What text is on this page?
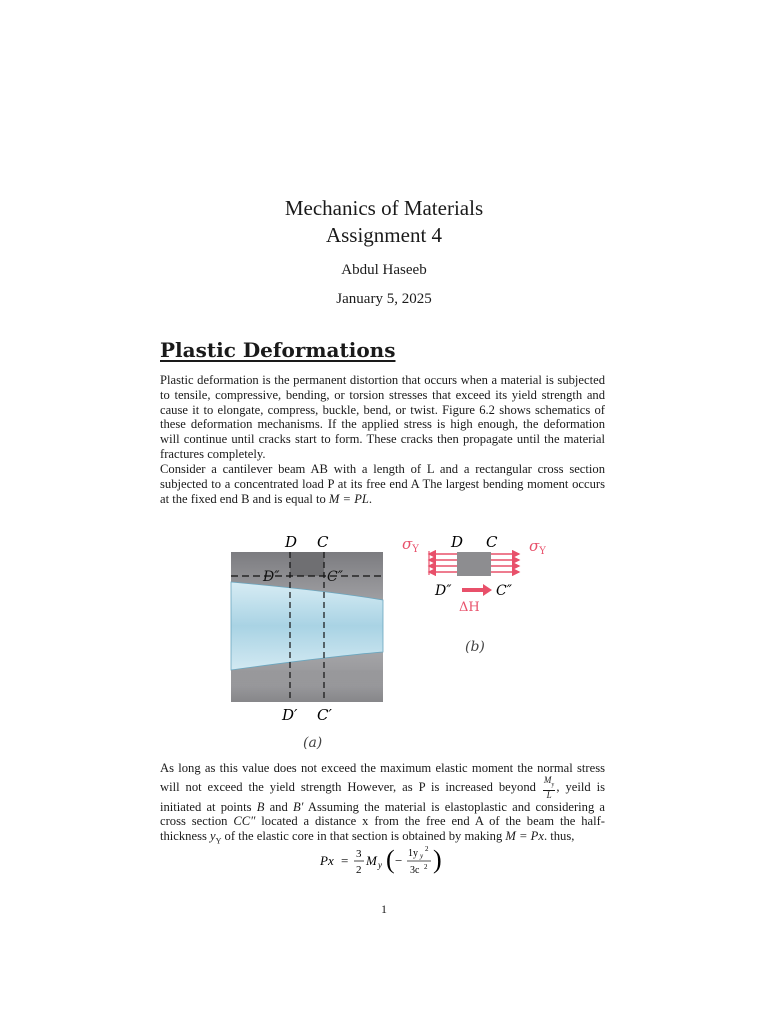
Mechanics of Materials
Assignment 4
Abdul Haseeb
January 5, 2025
Plastic Deformations
Plastic deformation is the permanent distortion that occurs when a material is subjected to tensile, compressive, bending, or torsion stresses that exceed its yield strength and cause it to elongate, compress, buckle, bend, or twist. Figure 6.2 shows schematics of these deformation mechanisms. If the applied stress is high enough, the deformation will continue until cracks start to form. These cracks then propagate until the material fractures completely.
Consider a cantilever beam AB with a length of L and a rectangular cross section subjected to a concentrated load P at its free end A The largest bending moment occurs at the fixed end B and is equal to M = PL.
D C
D″	C″
D′ C′
(a)
D C
$\sigma_Y$	$\sigma_Y$
D″	C″
ΔH
(b)
As long as this value does not exceed the maximum elastic moment the normal stress will not exceed the yield strength However, as P is increased beyond $\frac{M_y}{L}$ , yeild is initiated at points B and B′ Assuming the material is elastoplastic and considering a cross section CC″ located a distance x from the free end A of the beam the half-thickness $y_Y$ of the elastic core in that section is obtained by making M = Px. thus,
Px = 3
2
M y ( − 1y y
2
3c 2 )
1
